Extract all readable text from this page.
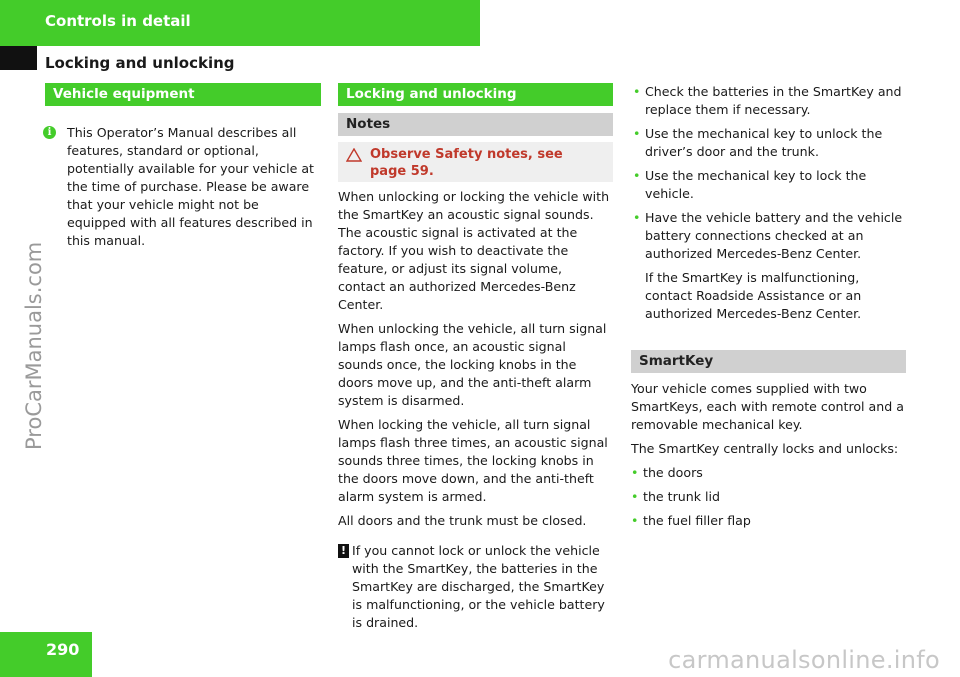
Controls in detail
Locking and unlocking
ProCarManuals.com
Vehicle equipment
i	This Operator’s Manual describes all features, standard or optional, potentially available for your vehicle at the time of purchase. Please be aware that your vehicle might not be equipped with all features described in this manual.

Locking and unlocking
Notes
Observe Safety notes, see
page 59.

When unlocking or locking the vehicle with the SmartKey an acoustic signal sounds. The acoustic signal is activated at the factory. If you wish to deactivate the feature, or adjust its signal volume, contact an authorized Mercedes-Benz Center.

When unlocking the vehicle, all turn signal lamps flash once, an acoustic signal sounds once, the locking knobs in the doors move up, and the anti-theft alarm system is disarmed.

When locking the vehicle, all turn signal lamps flash three times, an acoustic signal sounds three times, the locking knobs in the doors move down, and the anti-theft alarm system is armed.

All doors and the trunk must be closed.

! If you cannot lock or unlock the vehicle with the SmartKey, the batteries in the SmartKey are discharged, the SmartKey is malfunctioning, or the vehicle battery is drained.

• Check the batteries in the SmartKey and replace them if necessary.
• Use the mechanical key to unlock the driver’s door and the trunk.
• Use the mechanical key to lock the vehicle.
• Have the vehicle battery and the vehicle battery connections checked at an authorized Mercedes-Benz Center.

If the SmartKey is malfunctioning, contact Roadside Assistance or an authorized Mercedes-Benz Center.

SmartKey

Your vehicle comes supplied with two SmartKeys, each with remote control and a removable mechanical key.

The SmartKey centrally locks and unlocks:

• the doors
• the trunk lid
• the fuel filler flap
290	carmanualsonline.info
